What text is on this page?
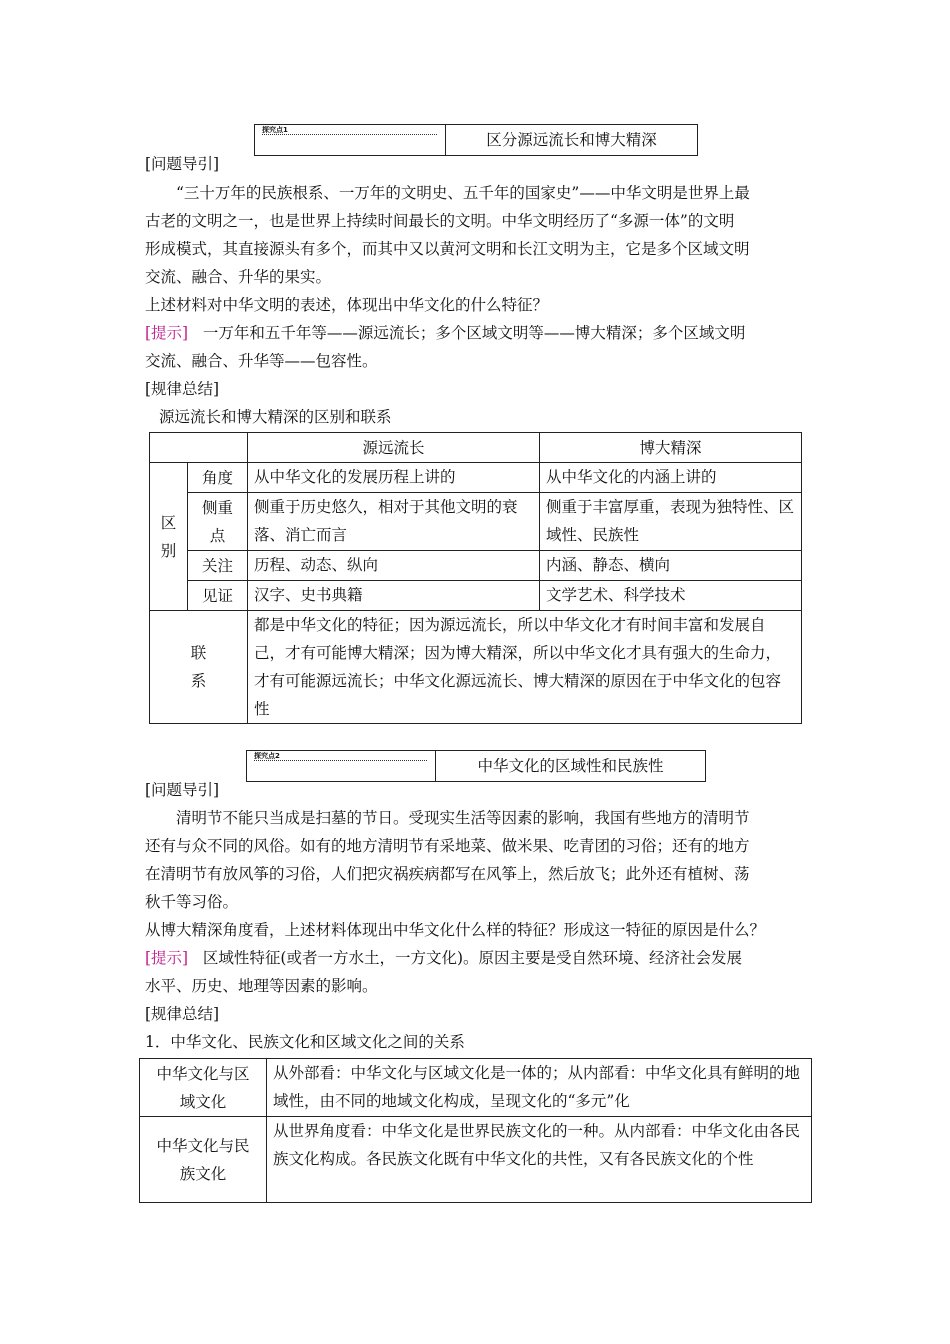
探究点1
区分源远流长和博大精深
[问题导引]
“三十万年的民族根系、一万年的文明史、五千年的国家史”——中华文明是世界上最
古老的文明之一，也是世界上持续时间最长的文明。中华文明经历了“多源一体”的文明
形成模式，其直接源头有多个，而其中又以黄河文明和长江文明为主，它是多个区域文明
交流、融合、升华的果实。
上述材料对中华文明的表述，体现出中华文化的什么特征？
[提示] 一万年和五千年等——源远流长；多个区域文明等——博大精深；多个区域文明
交流、融合、升华等——包容性。
[规律总结]
源远流长和博大精深的区别和联系
		源远流长	博大精深
区别	角度	从中华文化的发展历程上讲的	从中华文化的内涵上讲的
	侧重点	侧重于历史悠久，相对于其他文明的衰落、消亡而言	侧重于丰富厚重，表现为独特性、区域性、民族性
	关注	历程、动态、纵向	内涵、静态、横向
	见证	汉字、史书典籍	文学艺术、科学技术
联系		都是中华文化的特征；因为源远流长，所以中华文化才有时间丰富和发展自己，才有可能博大精深；因为博大精深，所以中华文化才具有强大的生命力，才有可能源远流长；中华文化源远流长、博大精深的原因在于中华文化的包容性	
探究点2
中华文化的区域性和民族性
[问题导引]
清明节不能只当成是扫墓的节日。受现实生活等因素的影响，我国有些地方的清明节
还有与众不同的风俗。如有的地方清明节有采地菜、做米果、吃青团的习俗；还有的地方
在清明节有放风筝的习俗，人们把灾祸疾病都写在风筝上，然后放飞；此外还有植树、荡
秋千等习俗。
从博大精深角度看，上述材料体现出中华文化什么样的特征？形成这一特征的原因是什么？
[提示] 区域性特征(或者一方水土，一方文化)。原因主要是受自然环境、经济社会发展
水平、历史、地理等因素的影响。
[规律总结]
1．中华文化、民族文化和区域文化之间的关系
中华文化与区域文化	从外部看：中华文化与区域文化是一体的；从内部看：中华文化具有鲜明的地域性，由不同的地域文化构成，呈现文化的“多元”化
中华文化与民族文化	从世界角度看：中华文化是世界民族文化的一种。从内部看：中华文化由各民族文化构成。各民族文化既有中华文化的共性，又有各民族文化的个性
